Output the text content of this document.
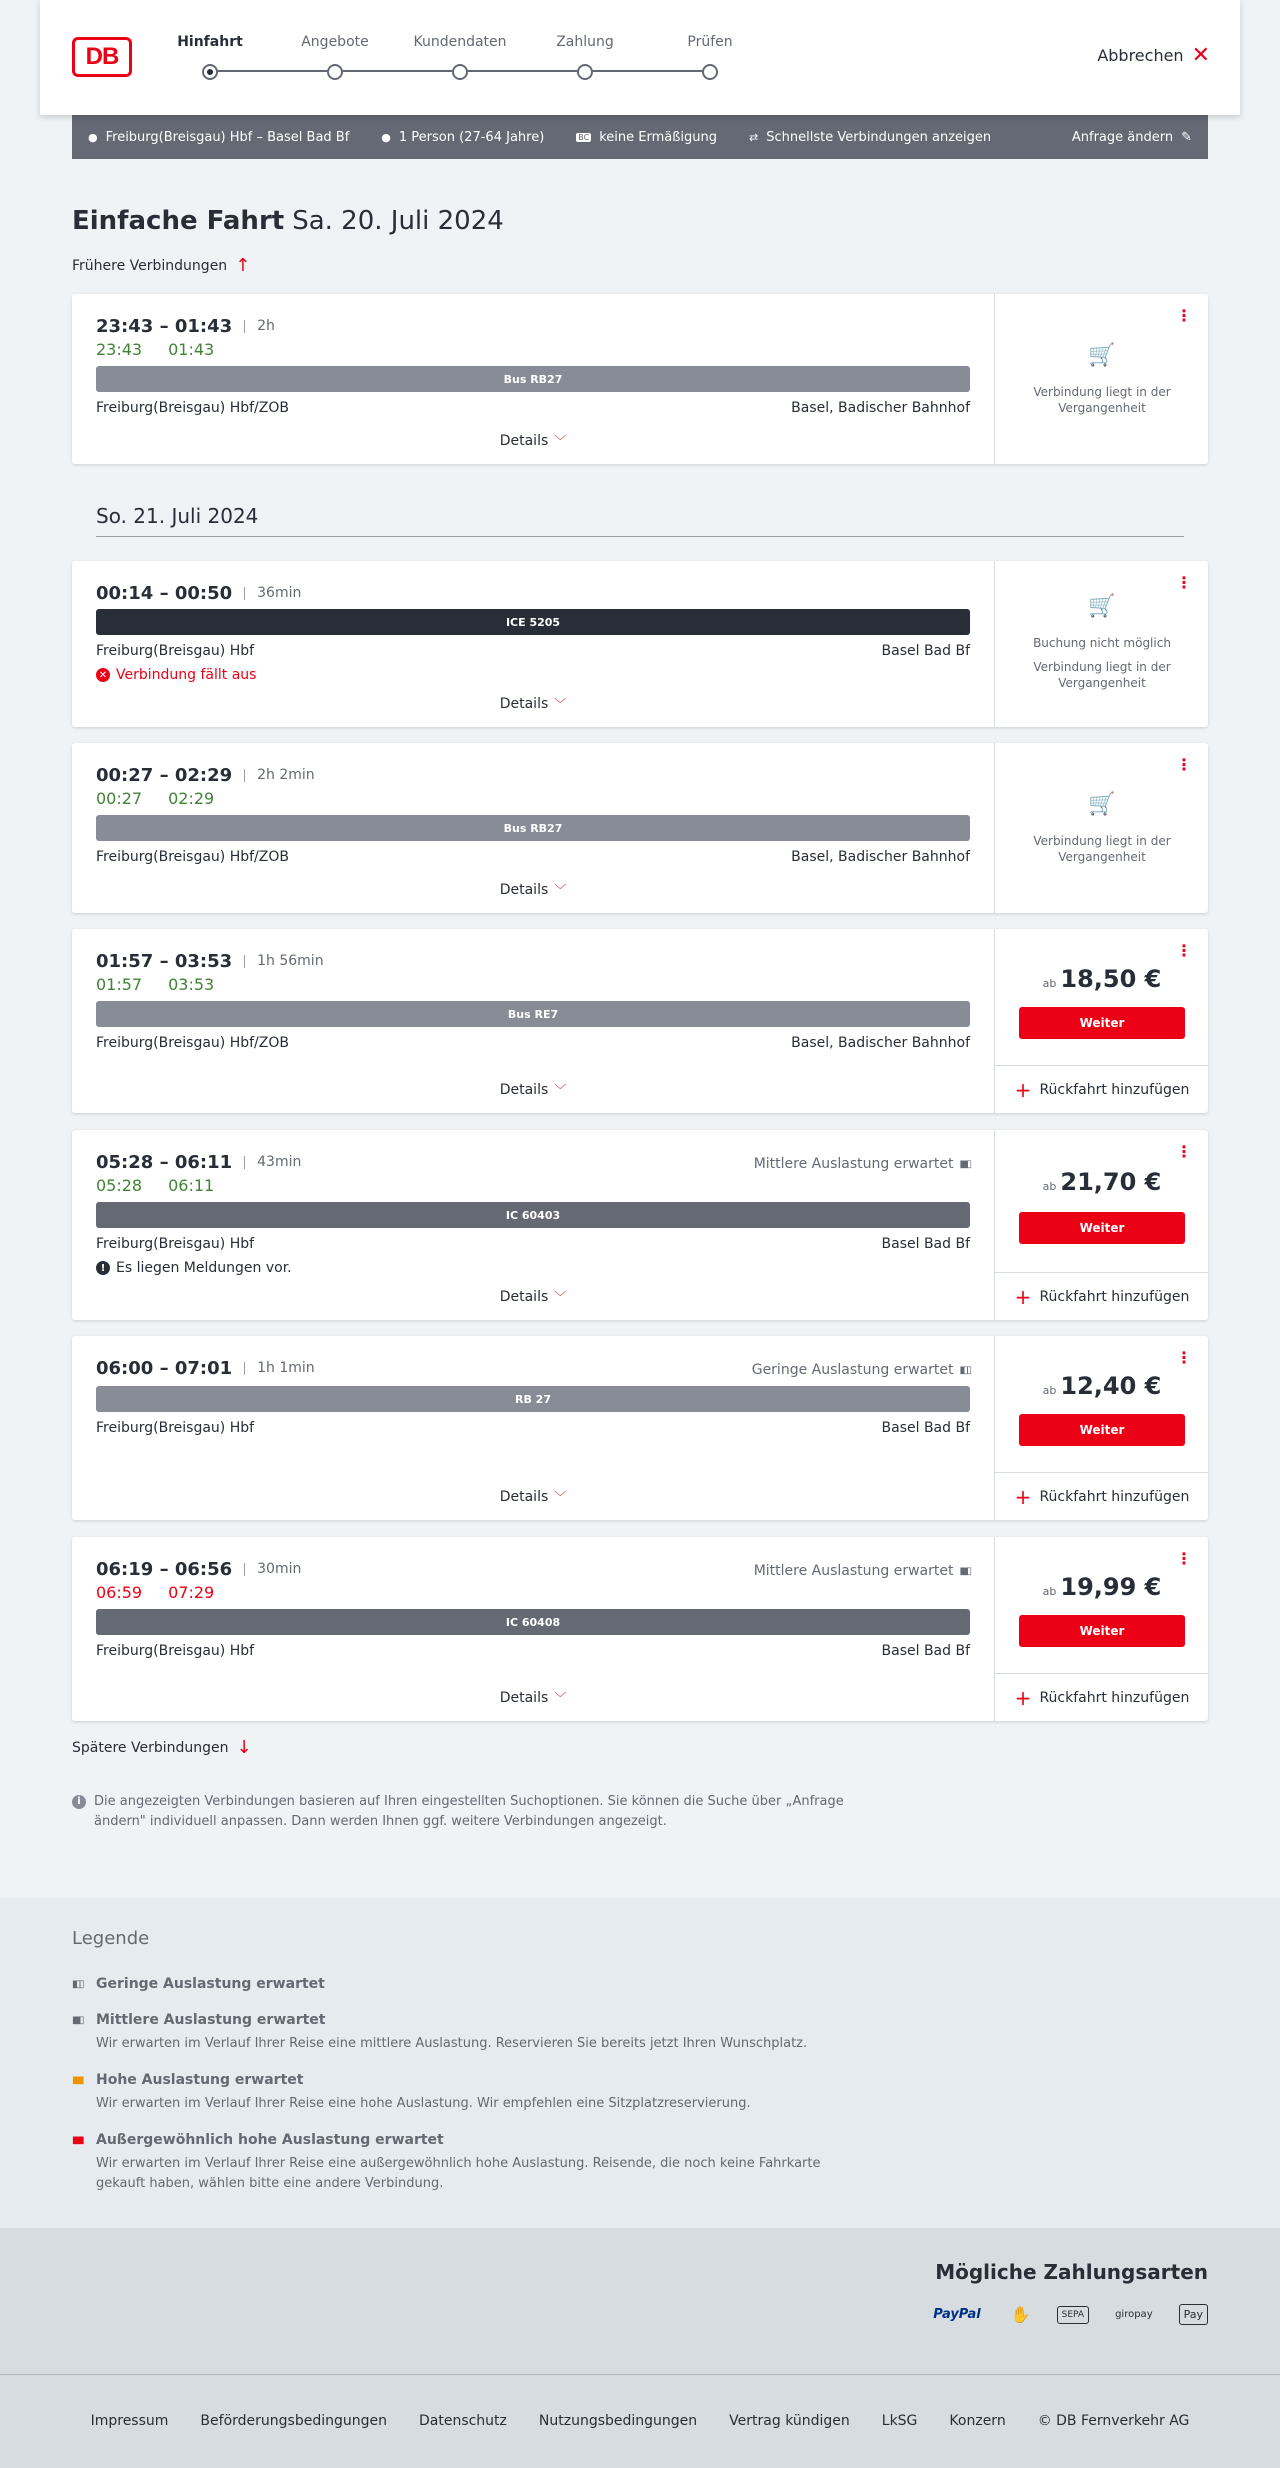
DB
Hinfahrt	Angebote	Kundendaten	Zahlung	Prüfen
Abbrechen ✕
● Freiburg(Breisgau) Hbf – Basel Bad Bf	● 1 Person (27-64 Jahre)	BC keine Ermäßigung	⇄ Schnellste Verbindungen anzeigen	Anfrage ändern ✎
Einfache Fahrt Sa. 20. Juli 2024
Frühere Verbindungen ↑
23:43 – 01:43	2h
23:43 01:43
Bus RB27
Freiburg(Breisgau) Hbf/ZOB	Basel, Badischer Bahnhof
Details ﹀
⋮
🛒
Verbindung liegt in der Vergangenheit
So. 21. Juli 2024
00:14 – 00:50	36min
ICE 5205
Freiburg(Breisgau) Hbf	Basel Bad Bf
✕ Verbindung fällt aus
Details ﹀
⋮
🛒
Buchung nicht möglich
Verbindung liegt in der Vergangenheit
00:27 – 02:29	2h 2min
00:27 02:29
Bus RB27
Freiburg(Breisgau) Hbf/ZOB	Basel, Badischer Bahnhof
Details ﹀
⋮
🛒
Verbindung liegt in der Vergangenheit
01:57 – 03:53	1h 56min
01:57 03:53
Bus RE7
Freiburg(Breisgau) Hbf/ZOB	Basel, Badischer Bahnhof
Details ﹀
⋮
ab 18,50 €
Weiter
+ Rückfahrt hinzufügen
05:28 – 06:11	43min	Mittlere Auslastung erwartet ▮▮▯
05:28 06:11
IC 60403
Freiburg(Breisgau) Hbf	Basel Bad Bf
! Es liegen Meldungen vor.
Details ﹀
⋮
ab 21,70 €
Weiter
+ Rückfahrt hinzufügen
06:00 – 07:01	1h 1min	Geringe Auslastung erwartet ▮▯▯
RB 27
Freiburg(Breisgau) Hbf	Basel Bad Bf
Details ﹀
⋮
ab 12,40 €
Weiter
+ Rückfahrt hinzufügen
06:19 – 06:56	30min	Mittlere Auslastung erwartet ▮▮▯
06:59 07:29
IC 60408
Freiburg(Breisgau) Hbf	Basel Bad Bf
Details ﹀
⋮
ab 19,99 €
Weiter
+ Rückfahrt hinzufügen
Spätere Verbindungen ↓
i	Die angezeigten Verbindungen basieren auf Ihren eingestellten Suchoptionen. Sie können die Suche über „Anfrage ändern" individuell anpassen. Dann werden Ihnen ggf. weitere Verbindungen angezeigt.
Legende
▮▯▯ Geringe Auslastung erwartet
▮▮▯ Mittlere Auslastung erwartet
Wir erwarten im Verlauf Ihrer Reise eine mittlere Auslastung. Reservieren Sie bereits jetzt Ihren Wunschplatz.
▮▮▮ Hohe Auslastung erwartet
Wir erwarten im Verlauf Ihrer Reise eine hohe Auslastung. Wir empfehlen eine Sitzplatzreservierung.
▮▮▮ Außergewöhnlich hohe Auslastung erwartet
Wir erwarten im Verlauf Ihrer Reise eine außergewöhnlich hohe Auslastung. Reisende, die noch keine Fahrkarte gekauft haben, wählen bitte eine andere Verbindung.
Mögliche Zahlungsarten
PayPal ✋	SEPA	giropay	Pay
Impressum Beförderungsbedingungen Datenschutz Nutzungsbedingungen Vertrag kündigen LkSG Konzern © DB Fernverkehr AG
